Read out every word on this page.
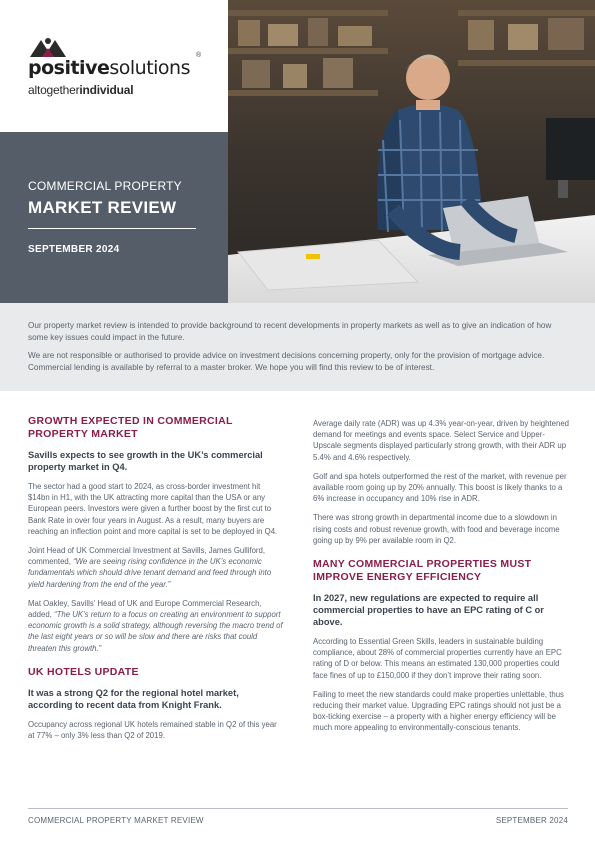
positivesolutions
®
altogetherindividual
COMMERCIAL PROPERTY
MARKET REVIEW
SEPTEMBER 2024

Our property market review is intended to provide background to recent developments in property markets as well as to give an indication of how some key issues could impact in the future.

We are not responsible or authorised to provide advice on investment decisions concerning property, only for the provision of mortgage advice. Commercial lending is available by referral to a master broker. We hope you will find this review to be of interest.

GROWTH EXPECTED IN COMMERCIAL PROPERTY MARKET
Savills expects to see growth in the UK’s commercial property market in Q4.
The sector had a good start to 2024, as cross-border investment hit $14bn in H1, with the UK attracting more capital than the USA or any European peers. Investors were given a further boost by the first cut to Bank Rate in over four years in August. As a result, many buyers are reaching an inflection point and more capital is set to be deployed in Q4.
Joint Head of UK Commercial Investment at Savills, James Gulliford, commented, “We are seeing rising confidence in the UK’s economic fundamentals which should drive tenant demand and feed through into yield hardening from the end of the year.”
Mat Oakley, Savills’ Head of UK and Europe Commercial Research, added, “The UK’s return to a focus on creating an environment to support economic growth is a solid strategy, although reversing the macro trend of the last eight years or so will be slow and there are risks that could threaten this growth.”
UK HOTELS UPDATE
It was a strong Q2 for the regional hotel market, according to recent data from Knight Frank.
Occupancy across regional UK hotels remained stable in Q2 of this year at 77% – only 3% less than Q2 of 2019.
Average daily rate (ADR) was up 4.3% year-on-year, driven by heightened demand for meetings and events space. Select Service and Upper-Upscale segments displayed particularly strong growth, with their ADR up 5.4% and 4.6% respectively.
Golf and spa hotels outperformed the rest of the market, with revenue per available room going up by 20% annually. This boost is likely thanks to a 6% increase in occupancy and 10% rise in ADR.
There was strong growth in departmental income due to a slowdown in rising costs and robust revenue growth, with food and beverage income going up by 9% per available room in Q2.
MANY COMMERCIAL PROPERTIES MUST IMPROVE ENERGY EFFICIENCY
In 2027, new regulations are expected to require all commercial properties to have an EPC rating of C or above.
According to Essential Green Skills, leaders in sustainable building compliance, about 28% of commercial properties currently have an EPC rating of D or below. This means an estimated 130,000 properties could face fines of up to £150,000 if they don’t improve their rating soon.
Failing to meet the new standards could make properties unlettable, thus reducing their market value. Upgrading EPC ratings should not just be a box-ticking exercise – a property with a higher energy efficiency will be much more appealing to environmentally-conscious tenants.
COMMERCIAL PROPERTY MARKET REVIEW	SEPTEMBER 2024
